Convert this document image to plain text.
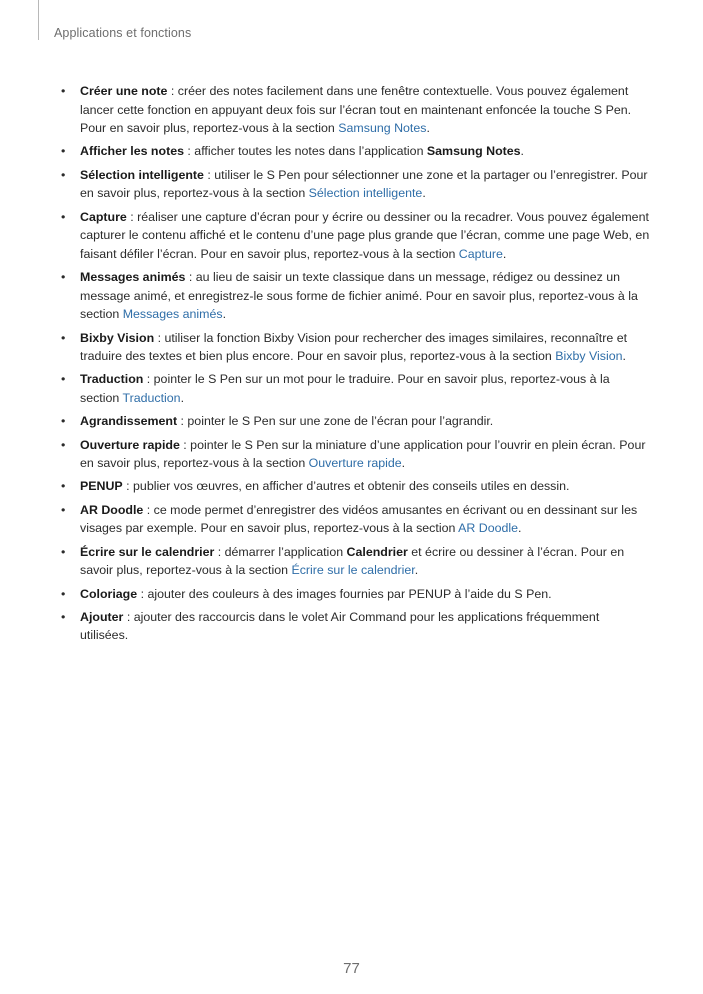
Applications et fonctions
• Créer une note : créer des notes facilement dans une fenêtre contextuelle. Vous pouvez également lancer cette fonction en appuyant deux fois sur l’écran tout en maintenant enfoncée la touche S Pen. Pour en savoir plus, reportez-vous à la section Samsung Notes.
• Afficher les notes : afficher toutes les notes dans l’application Samsung Notes.
• Sélection intelligente : utiliser le S Pen pour sélectionner une zone et la partager ou l’enregistrer. Pour en savoir plus, reportez-vous à la section Sélection intelligente.
• Capture : réaliser une capture d’écran pour y écrire ou dessiner ou la recadrer. Vous pouvez également capturer le contenu affiché et le contenu d’une page plus grande que l’écran, comme une page Web, en faisant défiler l’écran. Pour en savoir plus, reportez-vous à la section Capture.
• Messages animés : au lieu de saisir un texte classique dans un message, rédigez ou dessinez un message animé, et enregistrez-le sous forme de fichier animé. Pour en savoir plus, reportez-vous à la section Messages animés.
• Bixby Vision : utiliser la fonction Bixby Vision pour rechercher des images similaires, reconnaître et traduire des textes et bien plus encore. Pour en savoir plus, reportez-vous à la section Bixby Vision.
• Traduction : pointer le S Pen sur un mot pour le traduire. Pour en savoir plus, reportez-vous à la section Traduction.
• Agrandissement : pointer le S Pen sur une zone de l’écran pour l’agrandir.
• Ouverture rapide : pointer le S Pen sur la miniature d’une application pour l’ouvrir en plein écran. Pour en savoir plus, reportez-vous à la section Ouverture rapide.
• PENUP : publier vos œuvres, en afficher d’autres et obtenir des conseils utiles en dessin.
• AR Doodle : ce mode permet d’enregistrer des vidéos amusantes en écrivant ou en dessinant sur les visages par exemple. Pour en savoir plus, reportez-vous à la section AR Doodle.
• Écrire sur le calendrier : démarrer l’application Calendrier et écrire ou dessiner à l’écran. Pour en savoir plus, reportez-vous à la section Écrire sur le calendrier.
• Coloriage : ajouter des couleurs à des images fournies par PENUP à l’aide du S Pen.
• Ajouter : ajouter des raccourcis dans le volet Air Command pour les applications fréquemment utilisées.
77
